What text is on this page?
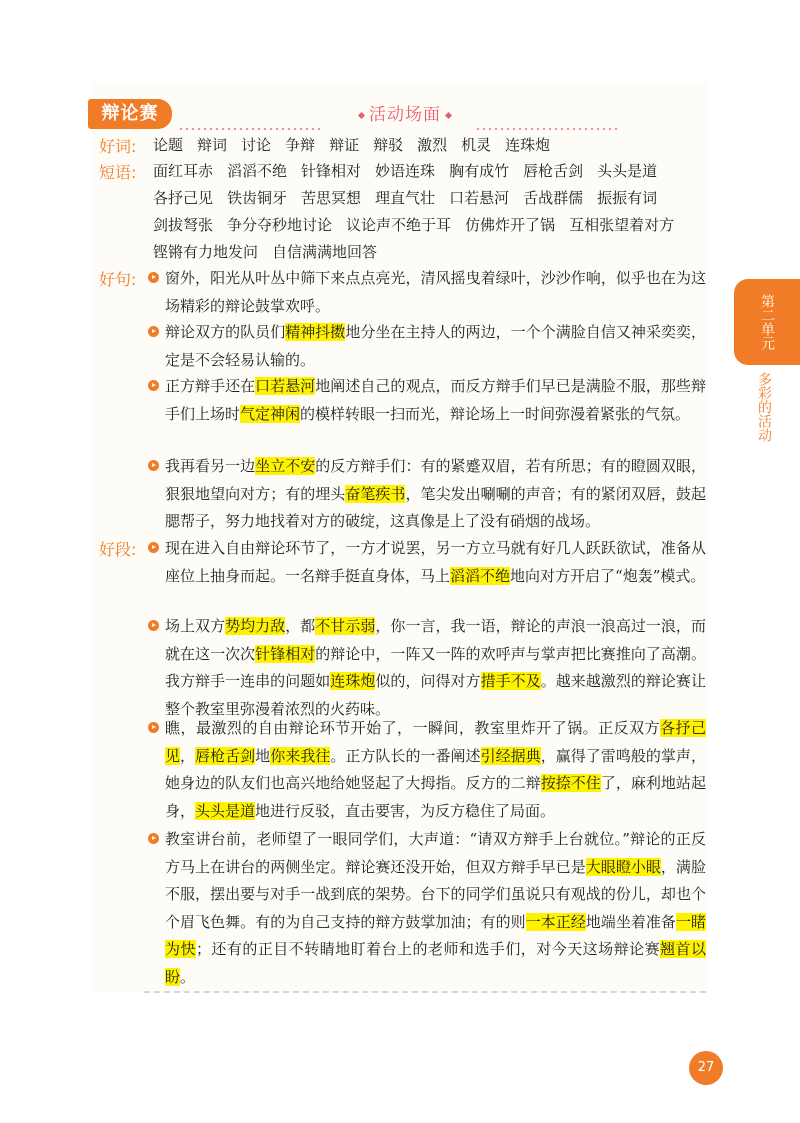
辩论赛	活动场面
好词: 论题 辩词 讨论 争辩 辩证 辩驳 激烈 机灵 连珠炮
短语: 面红耳赤 滔滔不绝 针锋相对 妙语连珠 胸有成竹 唇枪舌剑 头头是道
各抒己见 铁齿铜牙 苦思冥想 理直气壮 口若悬河 舌战群儒 振振有词
剑拔弩张 争分夺秒地讨论 议论声不绝于耳 仿佛炸开了锅 互相张望着对方
铿锵有力地发问 自信满满地回答
好句:	窗外，阳光从叶丛中筛下来点点亮光，清风摇曳着绿叶，沙沙作响，似乎也在为这场精彩的辩论鼓掌欢呼。

辩论双方的队员们精神抖擞地分坐在主持人的两边，一个个满脸自信又神采奕奕，定是不会轻易认输的。

正方辩手还在口若悬河地阐述自己的观点，而反方辩手们早已是满脸不服，那些辩手们上场时气定神闲的模样转眼一扫而光，辩论场上一时间弥漫着紧张的气氛。

我再看另一边坐立不安的反方辩手们：有的紧蹙双眉，若有所思；有的瞪圆双眼，狠狠地望向对方；有的埋头奋笔疾书，笔尖发出唰唰的声音；有的紧闭双唇，鼓起腮帮子，努力地找着对方的破绽，这真像是上了没有硝烟的战场。

好段:	现在进入自由辩论环节了，一方才说罢，另一方立马就有好几人跃跃欲试，准备从座位上抽身而起。一名辩手挺直身体，马上滔滔不绝地向对方开启了“炮轰”模式。

场上双方势均力敌，都不甘示弱，你一言，我一语，辩论的声浪一浪高过一浪，而就在这一次次针锋相对的辩论中，一阵又一阵的欢呼声与掌声把比赛推向了高潮。我方辩手一连串的问题如连珠炮似的，问得对方措手不及。越来越激烈的辩论赛让整个教室里弥漫着浓烈的火药味。

瞧，最激烈的自由辩论环节开始了，一瞬间，教室里炸开了锅。正反双方各抒己见，唇枪舌剑地你来我往。正方队长的一番阐述引经据典，赢得了雷鸣般的掌声，她身边的队友们也高兴地给她竖起了大拇指。反方的二辩按捺不住了，麻利地站起身，头头是道地进行反驳，直击要害，为反方稳住了局面。

教室讲台前，老师望了一眼同学们，大声道：“请双方辩手上台就位。”辩论的正反方马上在讲台的两侧坐定。辩论赛还没开始，但双方辩手早已是大眼瞪小眼，满脸不服，摆出要与对手一战到底的架势。台下的同学们虽说只有观战的份儿，却也个个眉飞色舞。有的为自己支持的辩方鼓掌加油；有的则一本正经地端坐着准备一睹为快；还有的正目不转睛地盯着台上的老师和选手们，对今天这场辩论赛翘首以盼。

第二单元
多彩的活动
27
